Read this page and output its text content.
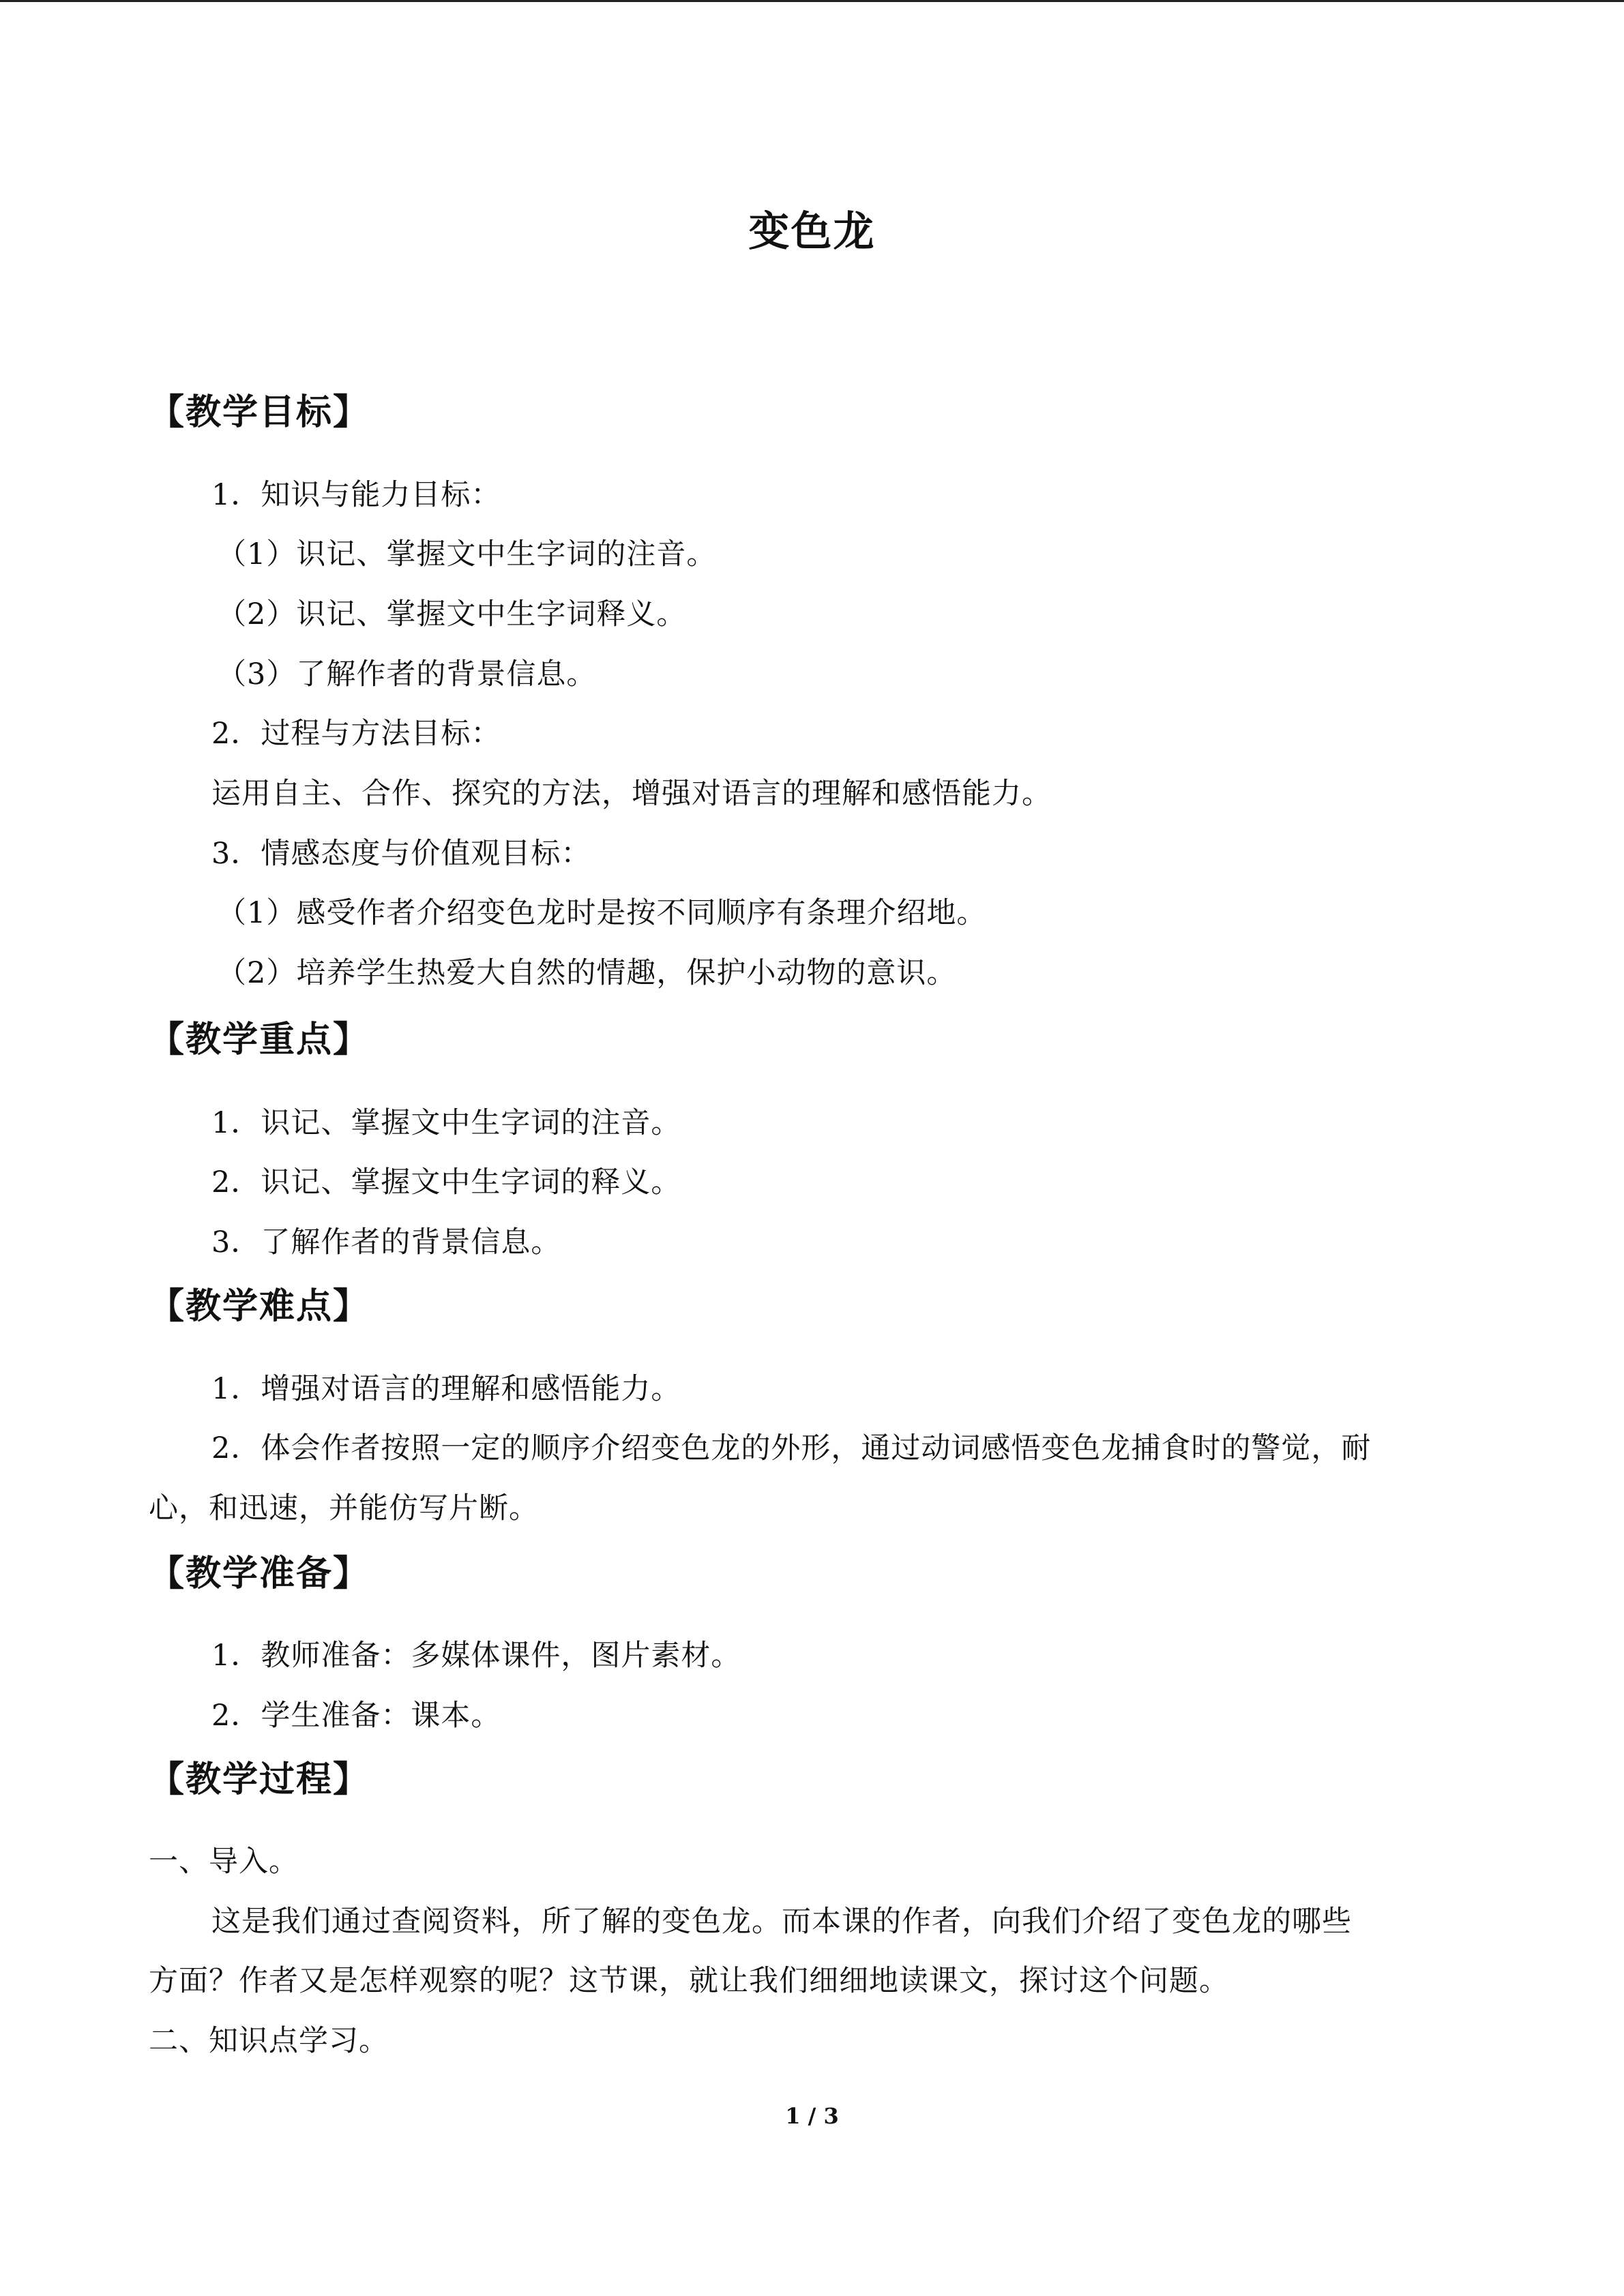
变色龙
【教学目标】
1．知识与能力目标：
（1）识记、掌握文中生字词的注音。
（2）识记、掌握文中生字词释义。
（3）了解作者的背景信息。
2．过程与方法目标：
运用自主、合作、探究的方法，增强对语言的理解和感悟能力。
3．情感态度与价值观目标：
（1）感受作者介绍变色龙时是按不同顺序有条理介绍地。
（2）培养学生热爱大自然的情趣，保护小动物的意识。
【教学重点】
1．识记、掌握文中生字词的注音。
2．识记、掌握文中生字词的释义。
3．了解作者的背景信息。
【教学难点】
1．增强对语言的理解和感悟能力。
2．体会作者按照一定的顺序介绍变色龙的外形，通过动词感悟变色龙捕食时的警觉，耐
心，和迅速，并能仿写片断。
【教学准备】
1．教师准备：多媒体课件，图片素材。
2．学生准备：课本。
【教学过程】
一、导入。
这是我们通过查阅资料，所了解的变色龙。而本课的作者，向我们介绍了变色龙的哪些
方面？作者又是怎样观察的呢？这节课，就让我们细细地读课文，探讨这个问题。
二、知识点学习。
1 / 3
